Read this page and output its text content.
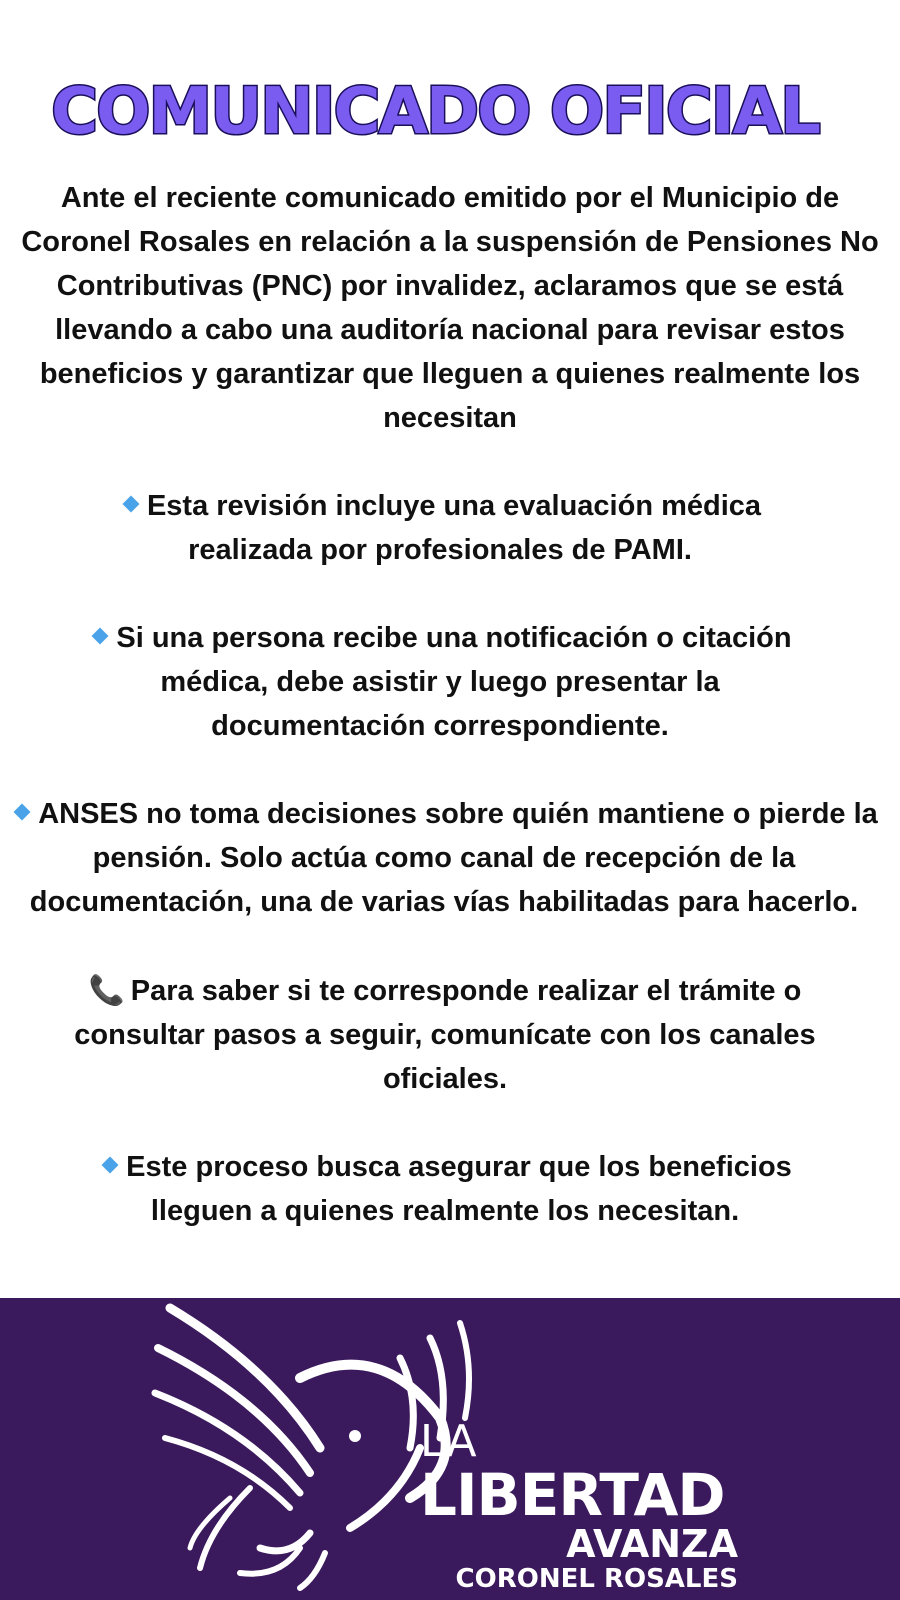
COMUNICADO OFICIAL

Ante el reciente comunicado emitido por el Municipio de Coronel Rosales en relación a la suspensión de Pensiones No Contributivas (PNC) por invalidez, aclaramos que se está llevando a cabo una auditoría nacional para revisar estos beneficios y garantizar que lleguen a quienes realmente los necesitan

Esta revisión incluye una evaluación médica realizada por profesionales de PAMI.

Si una persona recibe una notificación o citación médica, debe asistir y luego presentar la documentación correspondiente.

ANSES no toma decisiones sobre quién mantiene o pierde la pensión. Solo actúa como canal de recepción de la documentación, una de varias vías habilitadas para hacerlo.

📞 Para saber si te corresponde realizar el trámite o consultar pasos a seguir, comunícate con los canales oficiales.

Este proceso busca asegurar que los beneficios lleguen a quienes realmente los necesitan.

LA
LIBERTAD
AVANZA
CORONEL ROSALES
